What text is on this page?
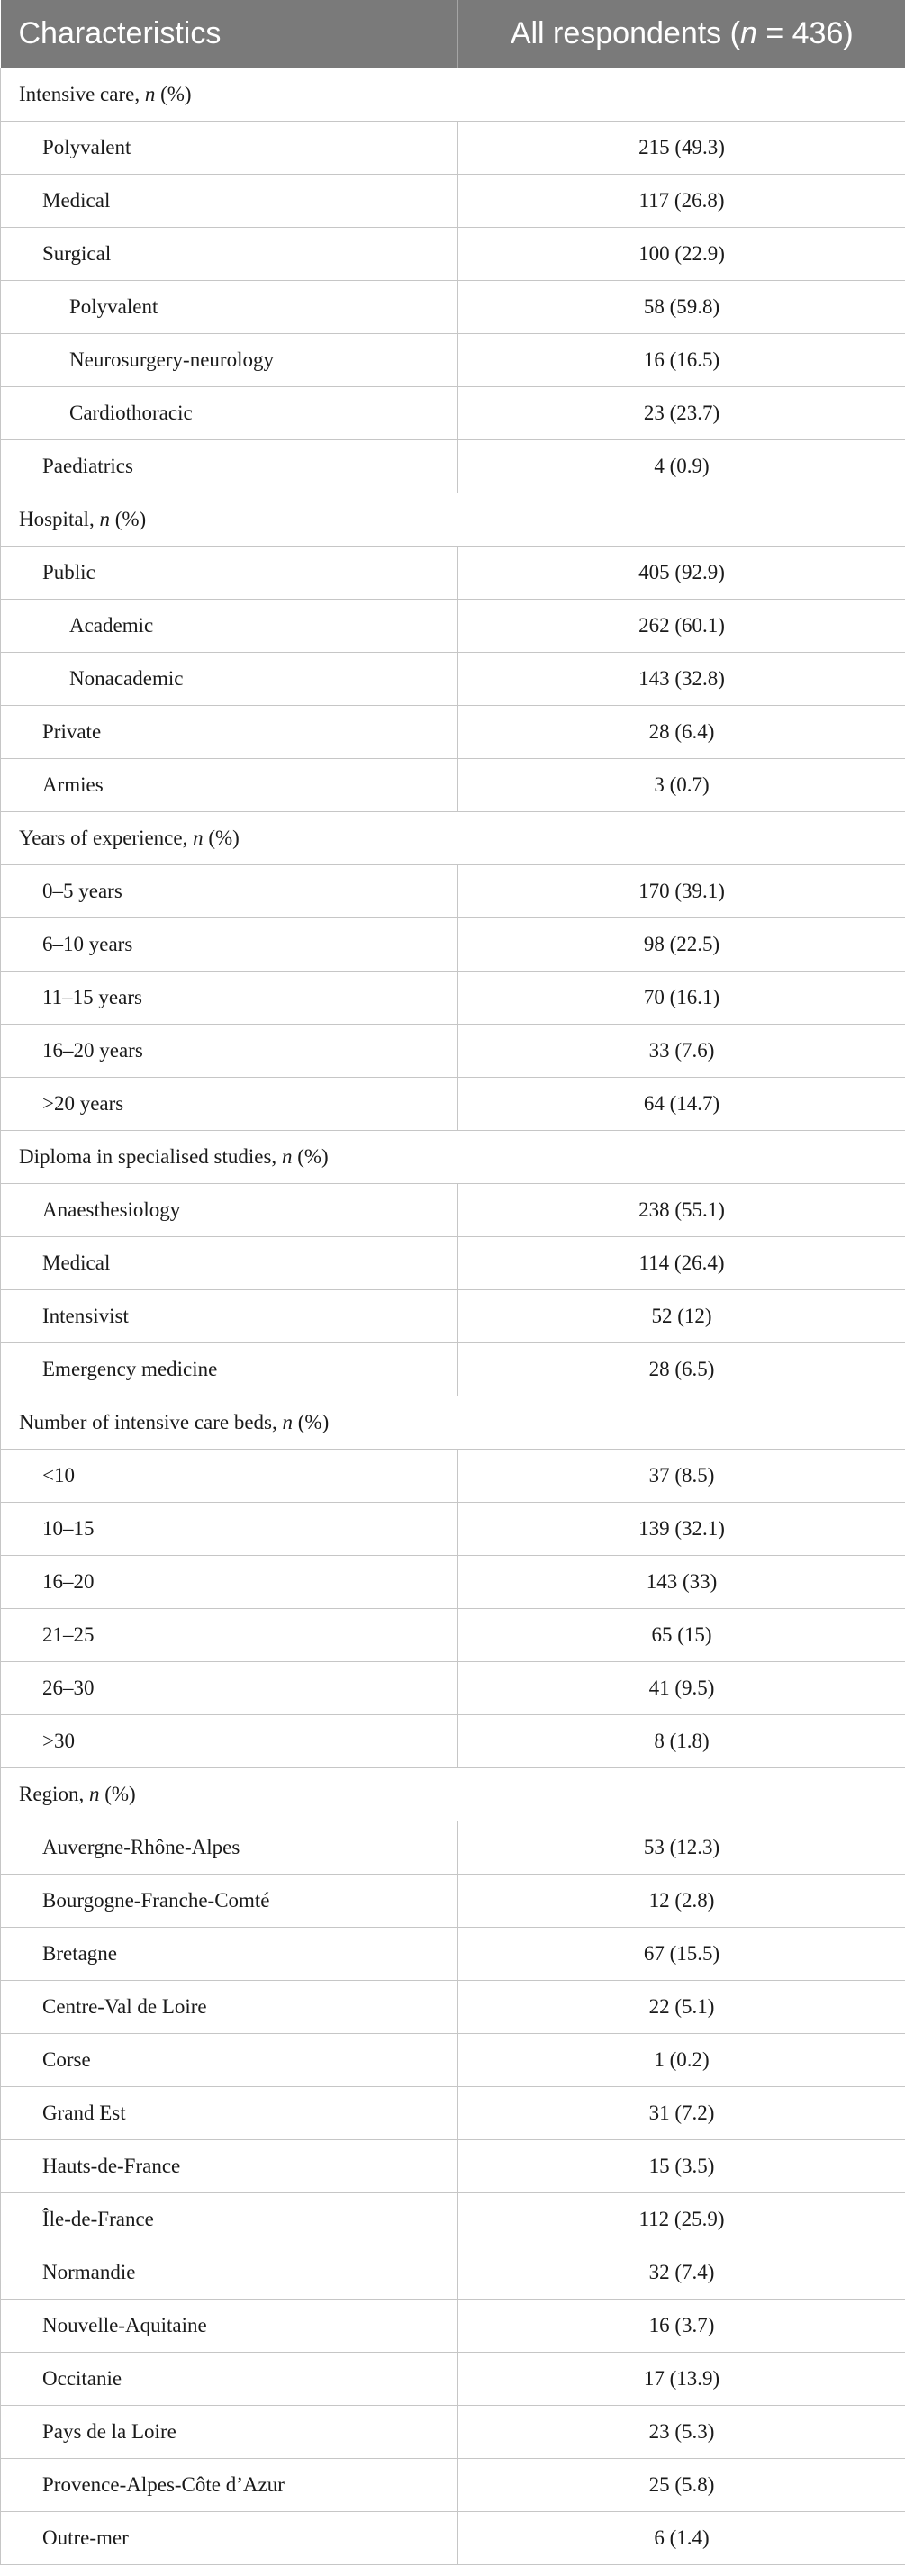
Characteristics	All respondents (n = 436)
Intensive care, n (%)	
Polyvalent	215 (49.3)
Medical	117 (26.8)
Surgical	100 (22.9)
Polyvalent	58 (59.8)
Neurosurgery-neurology	16 (16.5)
Cardiothoracic	23 (23.7)
Paediatrics	4 (0.9)
Hospital, n (%)	
Public	405 (92.9)
Academic	262 (60.1)
Nonacademic	143 (32.8)
Private	28 (6.4)
Armies	3 (0.7)
Years of experience, n (%)	
0–5 years	170 (39.1)
6–10 years	98 (22.5)
11–15 years	70 (16.1)
16–20 years	33 (7.6)
>20 years	64 (14.7)
Diploma in specialised studies, n (%)	
Anaesthesiology	238 (55.1)
Medical	114 (26.4)
Intensivist	52 (12)
Emergency medicine	28 (6.5)
Number of intensive care beds, n (%)	
<10	37 (8.5)
10–15	139 (32.1)
16–20	143 (33)
21–25	65 (15)
26–30	41 (9.5)
>30	8 (1.8)
Region, n (%)	
Auvergne-Rhône-Alpes	53 (12.3)
Bourgogne-Franche-Comté	12 (2.8)
Bretagne	67 (15.5)
Centre-Val de Loire	22 (5.1)
Corse	1 (0.2)
Grand Est	31 (7.2)
Hauts-de-France	15 (3.5)
Île-de-France	112 (25.9)
Normandie	32 (7.4)
Nouvelle-Aquitaine	16 (3.7)
Occitanie	17 (13.9)
Pays de la Loire	23 (5.3)
Provence-Alpes-Côte d’Azur	25 (5.8)
Outre-mer	6 (1.4)
